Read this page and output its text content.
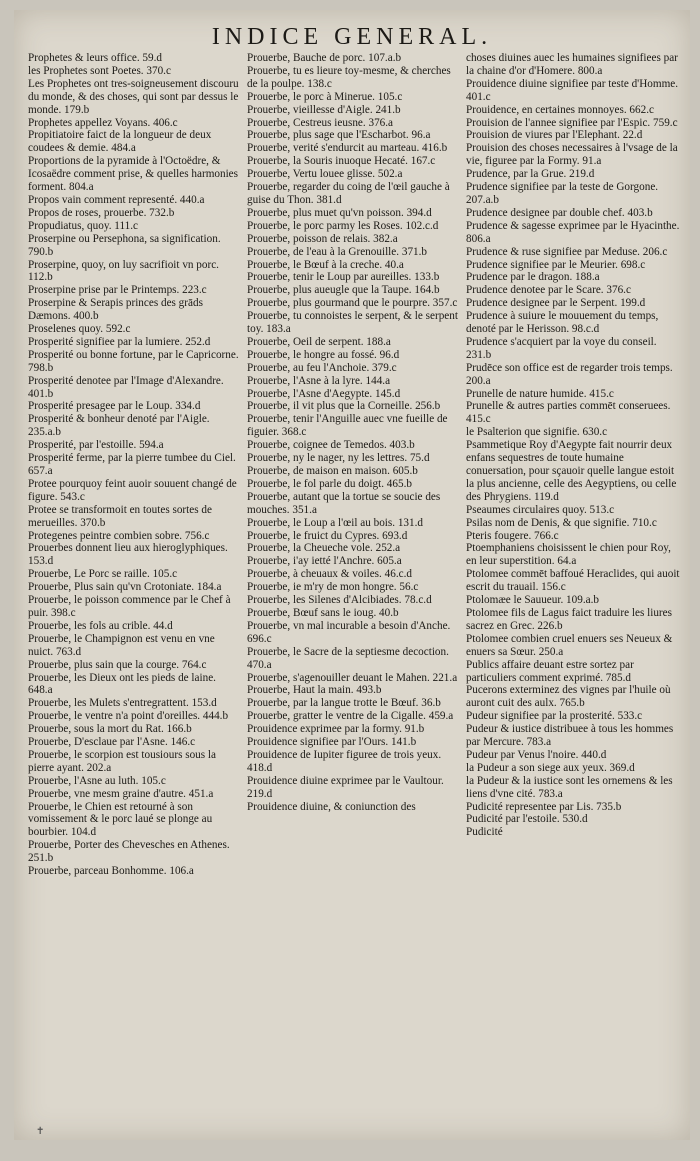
INDICE GENERAL.

Prophetes & leurs office. 59.d

les Prophetes sont Poetes. 370.c

Les Prophetes ont tres-soigneusement discouru du monde, & des choses, qui sont par dessus le monde. 179.b

Prophetes appellez Voyans. 406.c

Propitiatoire faict de la longueur de deux coudees & demie. 484.a

Proportions de la pyramide à l'Octoëdre, & Icosaëdre comment prise, & quelles harmonies forment. 804.a

Propos vain comment representé. 440.a

Propos de roses, prouerbe. 732.b

Propudiatus, quoy. 111.c

Proserpine ou Persephona, sa signification. 790.b

Proserpine, quoy, on luy sacrifioit vn porc. 112.b

Proserpine prise par le Printemps. 223.c

Proserpine & Serapis princes des grāds Dæmons. 400.b

Proselenes quoy. 592.c

Prosperité signifiee par la lumiere. 252.d

Prosperité ou bonne fortune, par le Capricorne. 798.b

Prosperité denotee par l'Image d'Alexandre. 401.b

Prosperité presagee par le Loup. 334.d

Prosperité & bonheur denoté par l'Aigle. 235.a.b

Prosperité, par l'estoille. 594.a

Prosperité ferme, par la pierre tumbee du Ciel. 657.a

Protee pourquoy feint auoir souuent changé de figure. 543.c

Protee se transformoit en toutes sortes de merueilles. 370.b

Protegenes peintre combien sobre. 756.c

Prouerbes donnent lieu aux hieroglyphiques. 153.d

Prouerbe, Le Porc se raille. 105.c

Prouerbe, Plus sain qu'vn Crotoniate. 184.a

Prouerbe, le poisson commence par le Chef à puir. 398.c

Prouerbe, les fols au crible. 44.d

Prouerbe, le Champignon est venu en vne nuict. 763.d

Prouerbe, plus sain que la courge. 764.c

Prouerbe, les Dieux ont les pieds de laine. 648.a

Prouerbe, les Mulets s'entregrattent. 153.d

Prouerbe, le ventre n'a point d'oreilles. 444.b

Prouerbe, sous la mort du Rat. 166.b

Prouerbe, D'esclaue par l'Asne. 146.c

Prouerbe, le scorpion est tousiours sous la pierre ayant. 202.a

Prouerbe, l'Asne au luth. 105.c

Prouerbe, vne mesm graine d'autre. 451.a

Prouerbe, le Chien est retourné à son vomissement & le porc laué se plonge au bourbier. 104.d

Prouerbe, Porter des Chevesches en Athenes. 251.b

Prouerbe, parceau Bonhomme. 106.a

Prouerbe, Bauche de porc. 107.a.b

Prouerbe, tu es lieure toy-mesme, & cherches de la poulpe. 138.c

Prouerbe, le porc à Minerue. 105.c

Prouerbe, vieillesse d'Aigle. 241.b

Prouerbe, Cestreus ieusne. 376.a

Prouerbe, plus sage que l'Escharbot. 96.a

Prouerbe, verité s'endurcit au marteau. 416.b

Prouerbe, la Souris inuoque Hecaté. 167.c

Prouerbe, Vertu louee glisse. 502.a

Prouerbe, regarder du coing de l'œil gauche à guise du Thon. 381.d

Prouerbe, plus muet qu'vn poisson. 394.d

Prouerbe, le porc parmy les Roses. 102.c.d

Prouerbe, poisson de relais. 382.a

Prouerbe, de l'eau à la Grenouille. 371.b

Prouerbe, le Bœuf à la creche. 40.a

Prouerbe, tenir le Loup par aureilles. 133.b

Prouerbe, plus aueugle que la Taupe. 164.b

Prouerbe, plus gourmand que le pourpre. 357.c

Prouerbe, tu connoistes le serpent, & le serpent toy. 183.a

Prouerbe, Oeil de serpent. 188.a

Prouerbe, le hongre au fossé. 96.d

Prouerbe, au feu l'Anchoie. 379.c

Prouerbe, l'Asne à la lyre. 144.a

Prouerbe, l'Asne d'Aegypte. 145.d

Prouerbe, il vit plus que la Corneille. 256.b

Prouerbe, tenir l'Anguille auec vne fueille de figuier. 368.c

Prouerbe, coignee de Temedos. 403.b

Prouerbe, ny le nager, ny les lettres. 75.d

Prouerbe, de maison en maison. 605.b

Prouerbe, le fol parle du doigt. 465.b

Prouerbe, autant que la tortue se soucie des mouches. 351.a

Prouerbe, le Loup a l'œil au bois. 131.d

Prouerbe, le fruict du Cypres. 693.d

Prouerbe, la Cheueche vole. 252.a

Prouerbe, i'ay ietté l'Anchre. 605.a

Prouerbe, à cheuaux & voiles. 46.c.d

Prouerbe, ie m'ry de mon hongre. 56.c

Prouerbe, les Silenes d'Alcibiades. 78.c.d

Prouerbe, Bœuf sans le ioug. 40.b

Prouerbe, vn mal incurable a besoin d'Anche. 696.c

Prouerbe, le Sacre de la septiesme decoction. 470.a

Prouerbe, s'agenouiller deuant le Mahen. 221.a

Prouerbe, Haut la main. 493.b

Prouerbe, par la langue trotte le Bœuf. 36.b

Prouerbe, gratter le ventre de la Cigalle. 459.a

Prouidence exprimee par la formy. 91.b

Prouidence signifiee par l'Ours. 141.b

Prouidence de Iupiter figuree de trois yeux. 418.d

Prouidence diuine exprimee par le Vaultour. 219.d

Prouidence diuine, & coniunction des

choses diuines auec les humaines signifiees par la chaine d'or d'Homere. 800.a

Prouidence diuine signifiee par teste d'Homme. 401.c

Prouidence, en certaines monnoyes. 662.c

Prouision de l'annee signifiee par l'Espic. 759.c

Prouision de viures par l'Elephant. 22.d

Prouision des choses necessaires à l'vsage de la vie, figuree par la Formy. 91.a

Prudence, par la Grue. 219.d

Prudence signifiee par la teste de Gorgone. 207.a.b

Prudence designee par double chef. 403.b

Prudence & sagesse exprimee par le Hyacinthe. 806.a

Prudence & ruse signifiee par Meduse. 206.c

Prudence signifiee par le Meurier. 698.c

Prudence par le dragon. 188.a

Prudence denotee par le Scare. 376.c

Prudence designee par le Serpent. 199.d

Prudence à suiure le mouuement du temps, denoté par le Herisson. 98.c.d

Prudence s'acquiert par la voye du conseil. 231.b

Prudēce son office est de regarder trois temps. 200.a

Prunelle de nature humide. 415.c

Prunelle & autres parties commēt conseruees. 415.c

le Psalterion que signifie. 630.c

Psammetique Roy d'Aegypte fait nourrir deux enfans sequestres de toute humaine conuersation, pour sçauoir quelle langue estoit la plus ancienne, celle des Aegyptiens, ou celle des Phrygiens. 119.d

Pseaumes circulaires quoy. 513.c

Psilas nom de Denis, & que signifie. 710.c

Pteris fougere. 766.c

Ptoemphaniens choisissent le chien pour Roy, en leur superstition. 64.a

Ptolomee commēt baffoué Heraclides, qui auoit escrit du trauail. 156.c

Ptolomæe le Sauueur. 109.a.b

Ptolomee fils de Lagus faict traduire les liures sacrez en Grec. 226.b

Ptolomee combien cruel enuers ses Neueux & enuers sa Sœur. 250.a

Publics affaire deuant estre sortez par particuliers comment exprimé. 785.d

Pucerons exterminez des vignes par l'huile où auront cuit des aulx. 765.b

Pudeur signifiee par la prosterité. 533.c

Pudeur & iustice distribuee à tous les hommes par Mercure. 783.a

Pudeur par Venus l'noire. 440.d

la Pudeur a son siege aux yeux. 369.d

la Pudeur & la iustice sont les ornemens & les liens d'vne cité. 783.a

Pudicité representee par Lis. 735.b

Pudicité par l'estoile. 530.d

Pudicité

✝
